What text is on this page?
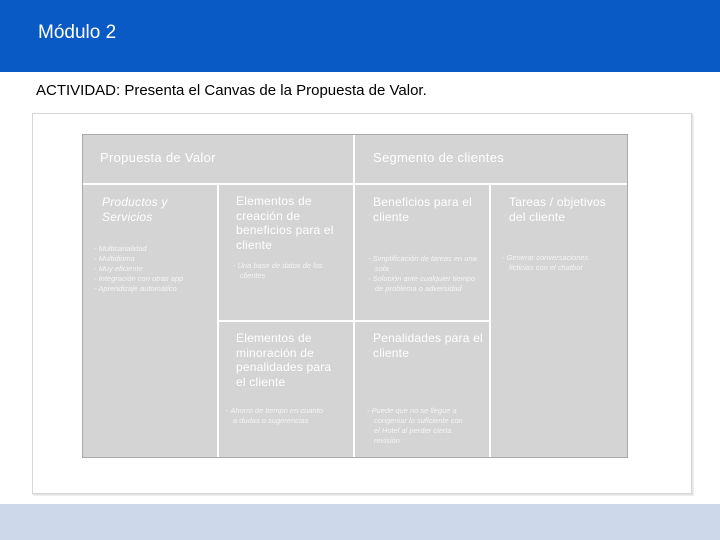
Módulo 2
ACTIVIDAD: Presenta el Canvas de la Propuesta de Valor.
Propuesta de Valor	Segmento de clientes
Productos y Servicios
- Multicanalidad
- Multidioma
- Muy eficiente
- Integración con otras app
- Aprendizaje automático
Elementos de creación de beneficios para el cliente
- Una base de datos de los clientes
Elementos de minoración de penalidades para el cliente
- Ahorro de tiempo en cuanto a dudas o sugerencias
Beneficios para el cliente
- Simplificación de tareas en una sola
- Solución ante cualquier tiempo de problema o adversidad
Tareas / objetivos del cliente
- Generar conversaciones ficticias con el chatbot
Penalidades para el cliente
- Puede que no se llegue a congeniar lo suficiente con el Hotel al perder cierta revisión
